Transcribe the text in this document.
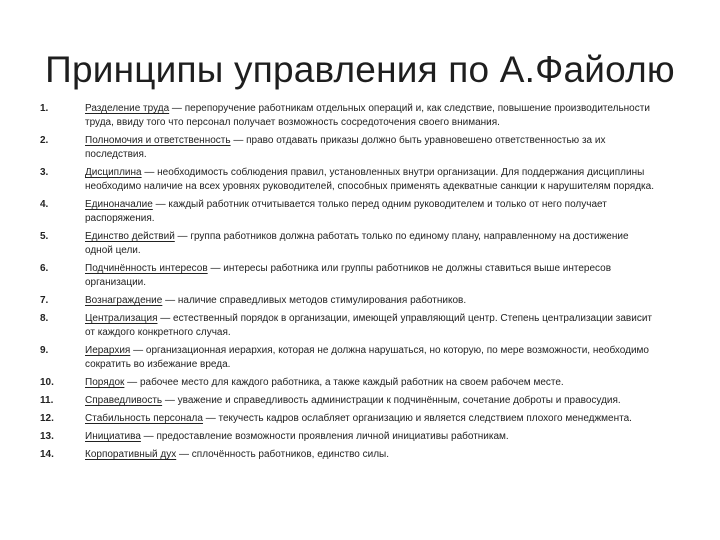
Принципы управления по А.Файолю
1.	Разделение труда — перепоручение работникам отдельных операций и, как следствие, повышение производительности труда, ввиду того что персонал получает возможность сосредоточения своего внимания.
2.	Полномочия и ответственность — право отдавать приказы должно быть уравновешено ответственностью за их последствия.
3.	Дисциплина — необходимость соблюдения правил, установленных внутри организации. Для поддержания дисциплины необходимо наличие на всех уровнях руководителей, способных применять адекватные санкции к нарушителям порядка.
4.	Единоначалие — каждый работник отчитывается только перед одним руководителем и только от него получает распоряжения.
5.	Единство действий — группа работников должна работать только по единому плану, направленному на достижение одной цели.
6.	Подчинённость интересов — интересы работника или группы работников не должны ставиться выше интересов организации.
7.	Вознаграждение — наличие справедливых методов стимулирования работников.
8.	Централизация — естественный порядок в организации, имеющей управляющий центр. Степень централизации зависит от каждого конкретного случая.
9.	Иерархия — организационная иерархия, которая не должна нарушаться, но которую, по мере возможности, необходимо сократить во избежание вреда.
10.	Порядок — рабочее место для каждого работника, а также каждый работник на своем рабочем месте.
11.	Справедливость — уважение и справедливость администрации к подчинённым, сочетание доброты и правосудия.
12.	Стабильность персонала — текучесть кадров ослабляет организацию и является следствием плохого менеджмента.
13.	Инициатива — предоставление возможности проявления личной инициативы работникам.
14.	Корпоративный дух — сплочённость работников, единство силы.
